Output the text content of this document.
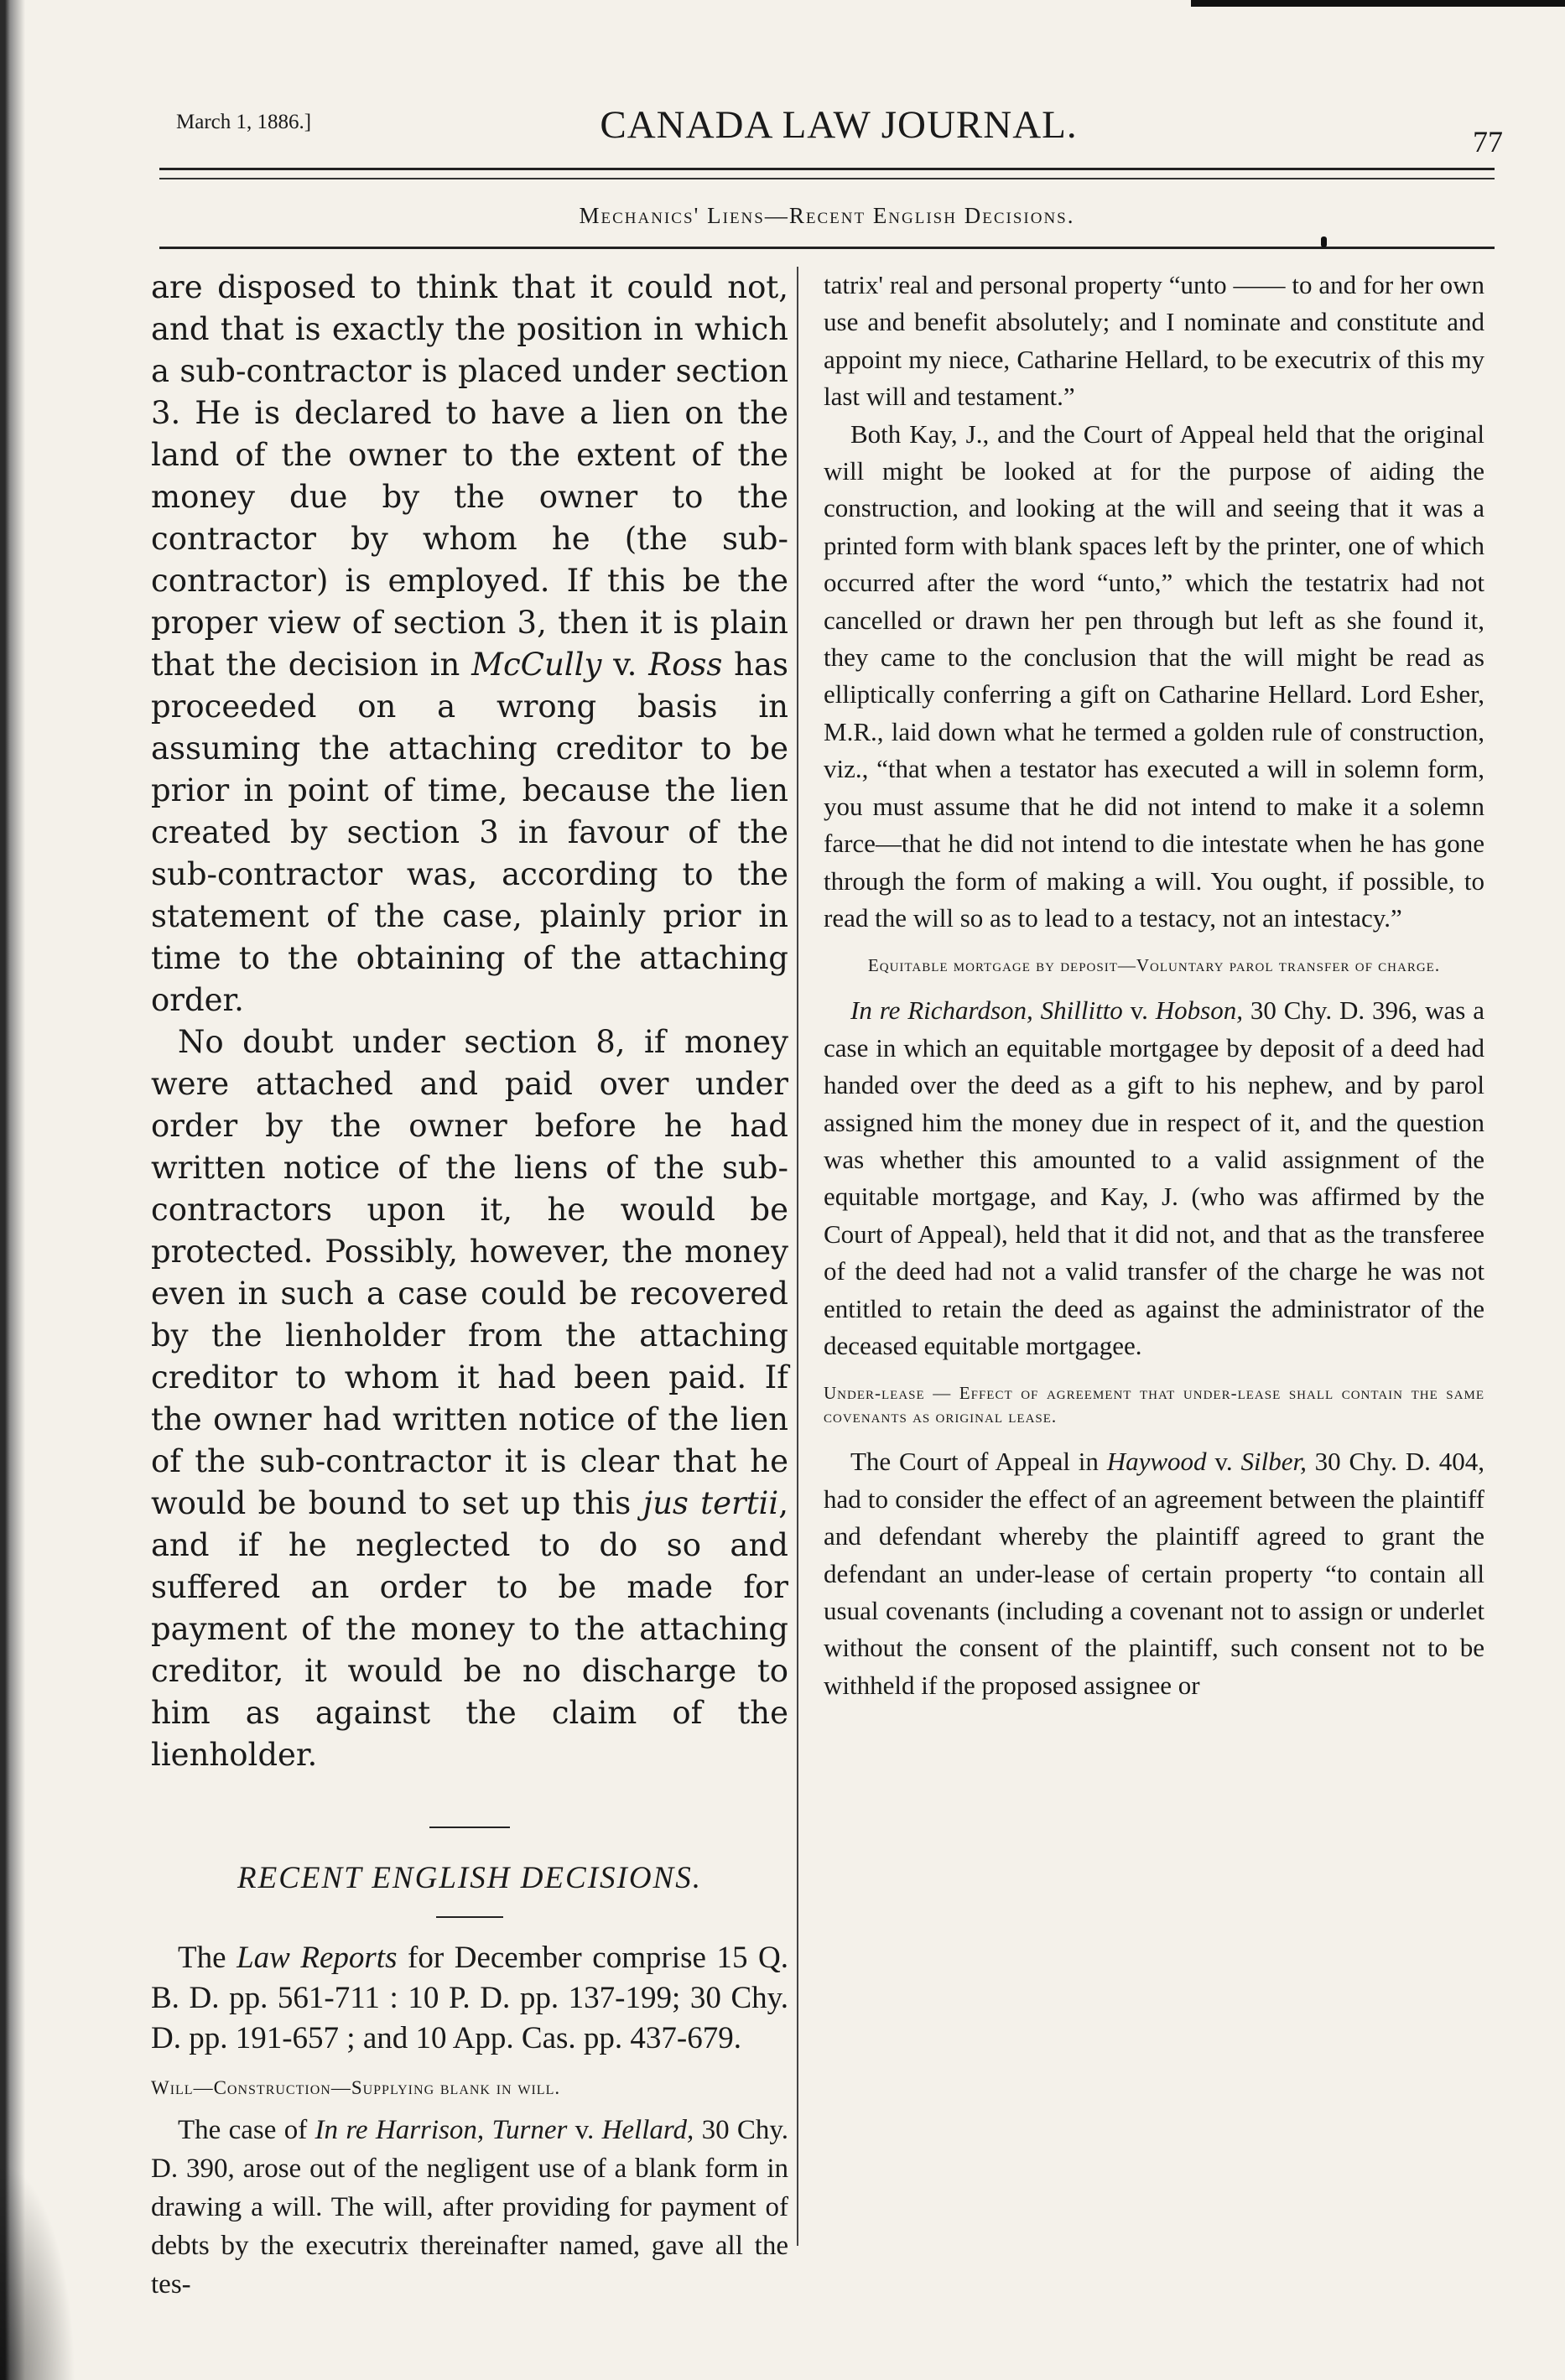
March 1, 1886.]	CANADA LAW JOURNAL.	77
Mechanics' Liens—Recent English Decisions.

are disposed to think that it could not, and that is exactly the position in which a sub-contractor is placed under section 3. He is declared to have a lien on the land of the owner to the extent of the money due by the owner to the contractor by whom he (the sub-contractor) is employed. If this be the proper view of section 3, then it is plain that the decision in McCully v. Ross has proceeded on a wrong basis in assuming the attaching creditor to be prior in point of time, because the lien created by section 3 in favour of the sub-contractor was, according to the statement of the case, plainly prior in time to the obtaining of the attaching order.

No doubt under section 8, if money were attached and paid over under order by the owner before he had written notice of the liens of the sub-contractors upon it, he would be protected. Possibly, however, the money even in such a case could be recovered by the lienholder from the attaching creditor to whom it had been paid. If the owner had written notice of the lien of the sub-contractor it is clear that he would be bound to set up this jus tertii, and if he neglected to do so and suffered an order to be made for payment of the money to the attaching creditor, it would be no discharge to him as against the claim of the lienholder.

RECENT ENGLISH DECISIONS.

The Law Reports for December comprise 15 Q. B. D. pp. 561-711 : 10 P. D. pp. 137-199; 30 Chy. D. pp. 191-657 ; and 10 App. Cas. pp. 437-679.

Will—Construction—Supplying blank in will.

The case of In re Harrison, Turner v. Hellard, 30 Chy. D. 390, arose out of the negligent use of a blank form in drawing a will. The will, after providing for payment of debts by the executrix thereinafter named, gave all the tes-

tatrix' real and personal property “unto —— to and for her own use and benefit absolutely; and I nominate and constitute and appoint my niece, Catharine Hellard, to be executrix of this my last will and testament.”

Both Kay, J., and the Court of Appeal held that the original will might be looked at for the purpose of aiding the construction, and looking at the will and seeing that it was a printed form with blank spaces left by the printer, one of which occurred after the word “unto,” which the testatrix had not cancelled or drawn her pen through but left as she found it, they came to the conclusion that the will might be read as elliptically conferring a gift on Catharine Hellard. Lord Esher, M.R., laid down what he termed a golden rule of construction, viz., “that when a testator has executed a will in solemn form, you must assume that he did not intend to make it a solemn farce—that he did not intend to die intestate when he has gone through the form of making a will. You ought, if possible, to read the will so as to lead to a testacy, not an intestacy.”

Equitable mortgage by deposit—Voluntary parol transfer of charge.

In re Richardson, Shillitto v. Hobson, 30 Chy. D. 396, was a case in which an equitable mortgagee by deposit of a deed had handed over the deed as a gift to his nephew, and by parol assigned him the money due in respect of it, and the question was whether this amounted to a valid assignment of the equitable mortgage, and Kay, J. (who was affirmed by the Court of Appeal), held that it did not, and that as the transferee of the deed had not a valid transfer of the charge he was not entitled to retain the deed as against the administrator of the deceased equitable mortgagee.

Under-lease — Effect of agreement that under-lease shall contain the same covenants as original lease.

The Court of Appeal in Haywood v. Silber, 30 Chy. D. 404, had to consider the effect of an agreement between the plaintiff and defendant whereby the plaintiff agreed to grant the defendant an under-lease of certain property “to contain all usual covenants (including a covenant not to assign or underlet without the consent of the plaintiff, such consent not to be withheld if the proposed assignee or
